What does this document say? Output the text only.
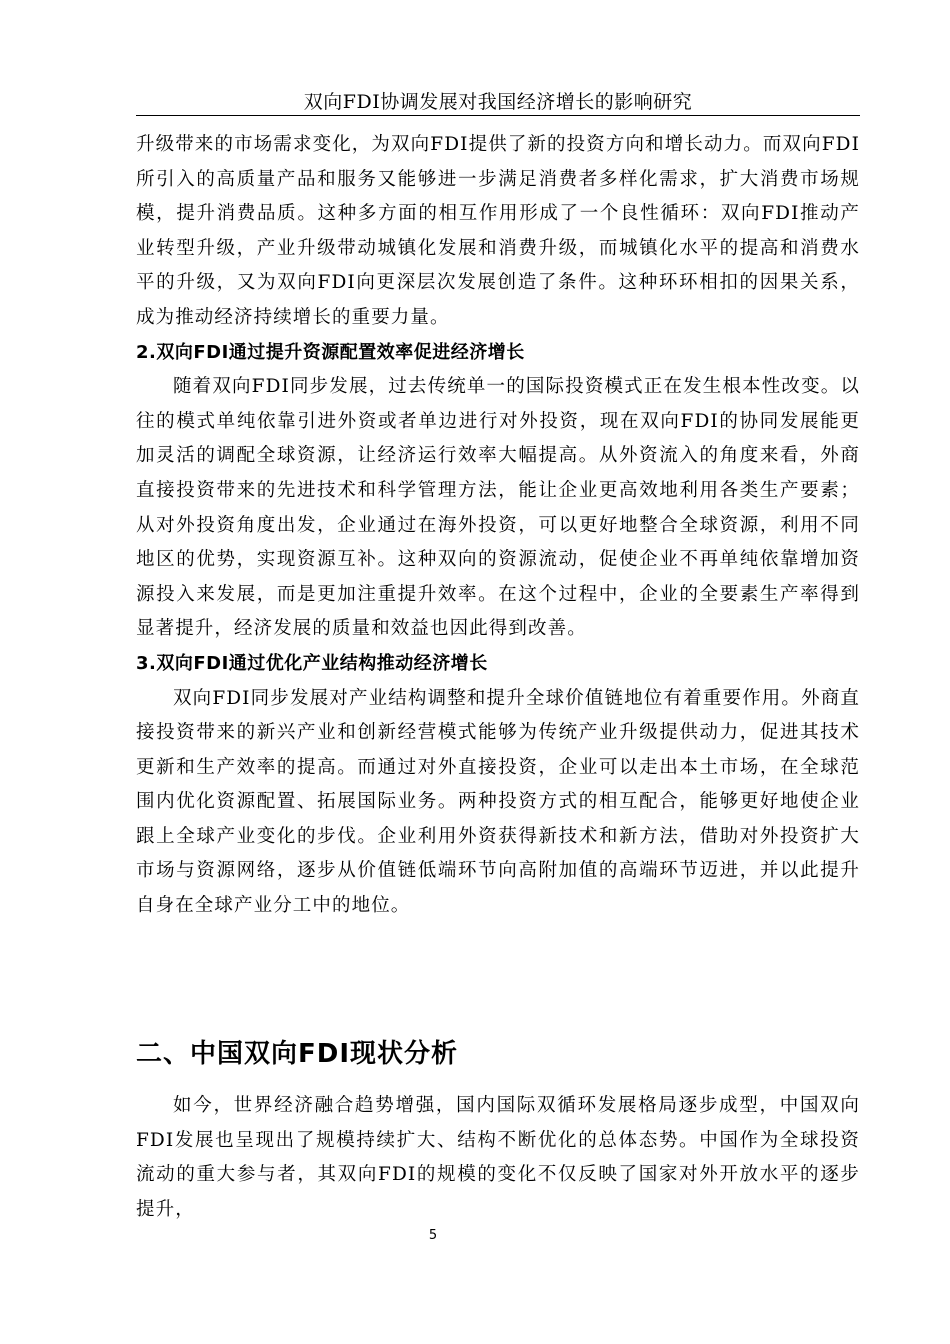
双向FDI协调发展对我国经济增长的影响研究

升级带来的市场需求变化，为双向FDI提供了新的投资方向和增长动力。而双向FDI所引入的高质量产品和服务又能够进一步满足消费者多样化需求，扩大消费市场规模，提升消费品质。这种多方面的相互作用形成了一个良性循环：双向FDI推动产业转型升级，产业升级带动城镇化发展和消费升级，而城镇化水平的提高和消费水平的升级，又为双向FDI向更深层次发展创造了条件。这种环环相扣的因果关系，成为推动经济持续增长的重要力量。

2.双向FDI通过提升资源配置效率促进经济增长

随着双向FDI同步发展，过去传统单一的国际投资模式正在发生根本性改变。以往的模式单纯依靠引进外资或者单边进行对外投资，现在双向FDI的协同发展能更加灵活的调配全球资源，让经济运行效率大幅提高。从外资流入的角度来看，外商直接投资带来的先进技术和科学管理方法，能让企业更高效地利用各类生产要素；从对外投资角度出发，企业通过在海外投资，可以更好地整合全球资源，利用不同地区的优势，实现资源互补。这种双向的资源流动，促使企业不再单纯依靠增加资源投入来发展，而是更加注重提升效率。在这个过程中，企业的全要素生产率得到显著提升，经济发展的质量和效益也因此得到改善。

3.双向FDI通过优化产业结构推动经济增长

双向FDI同步发展对产业结构调整和提升全球价值链地位有着重要作用。外商直接投资带来的新兴产业和创新经营模式能够为传统产业升级提供动力，促进其技术更新和生产效率的提高。而通过对外直接投资，企业可以走出本土市场，在全球范围内优化资源配置、拓展国际业务。两种投资方式的相互配合，能够更好地使企业跟上全球产业变化的步伐。企业利用外资获得新技术和新方法，借助对外投资扩大市场与资源网络，逐步从价值链低端环节向高附加值的高端环节迈进，并以此提升自身在全球产业分工中的地位。

二、中国双向FDI现状分析

如今，世界经济融合趋势增强，国内国际双循环发展格局逐步成型，中国双向FDI发展也呈现出了规模持续扩大、结构不断优化的总体态势。中国作为全球投资流动的重大参与者，其双向FDI的规模的变化不仅反映了国家对外开放水平的逐步提升，

5
